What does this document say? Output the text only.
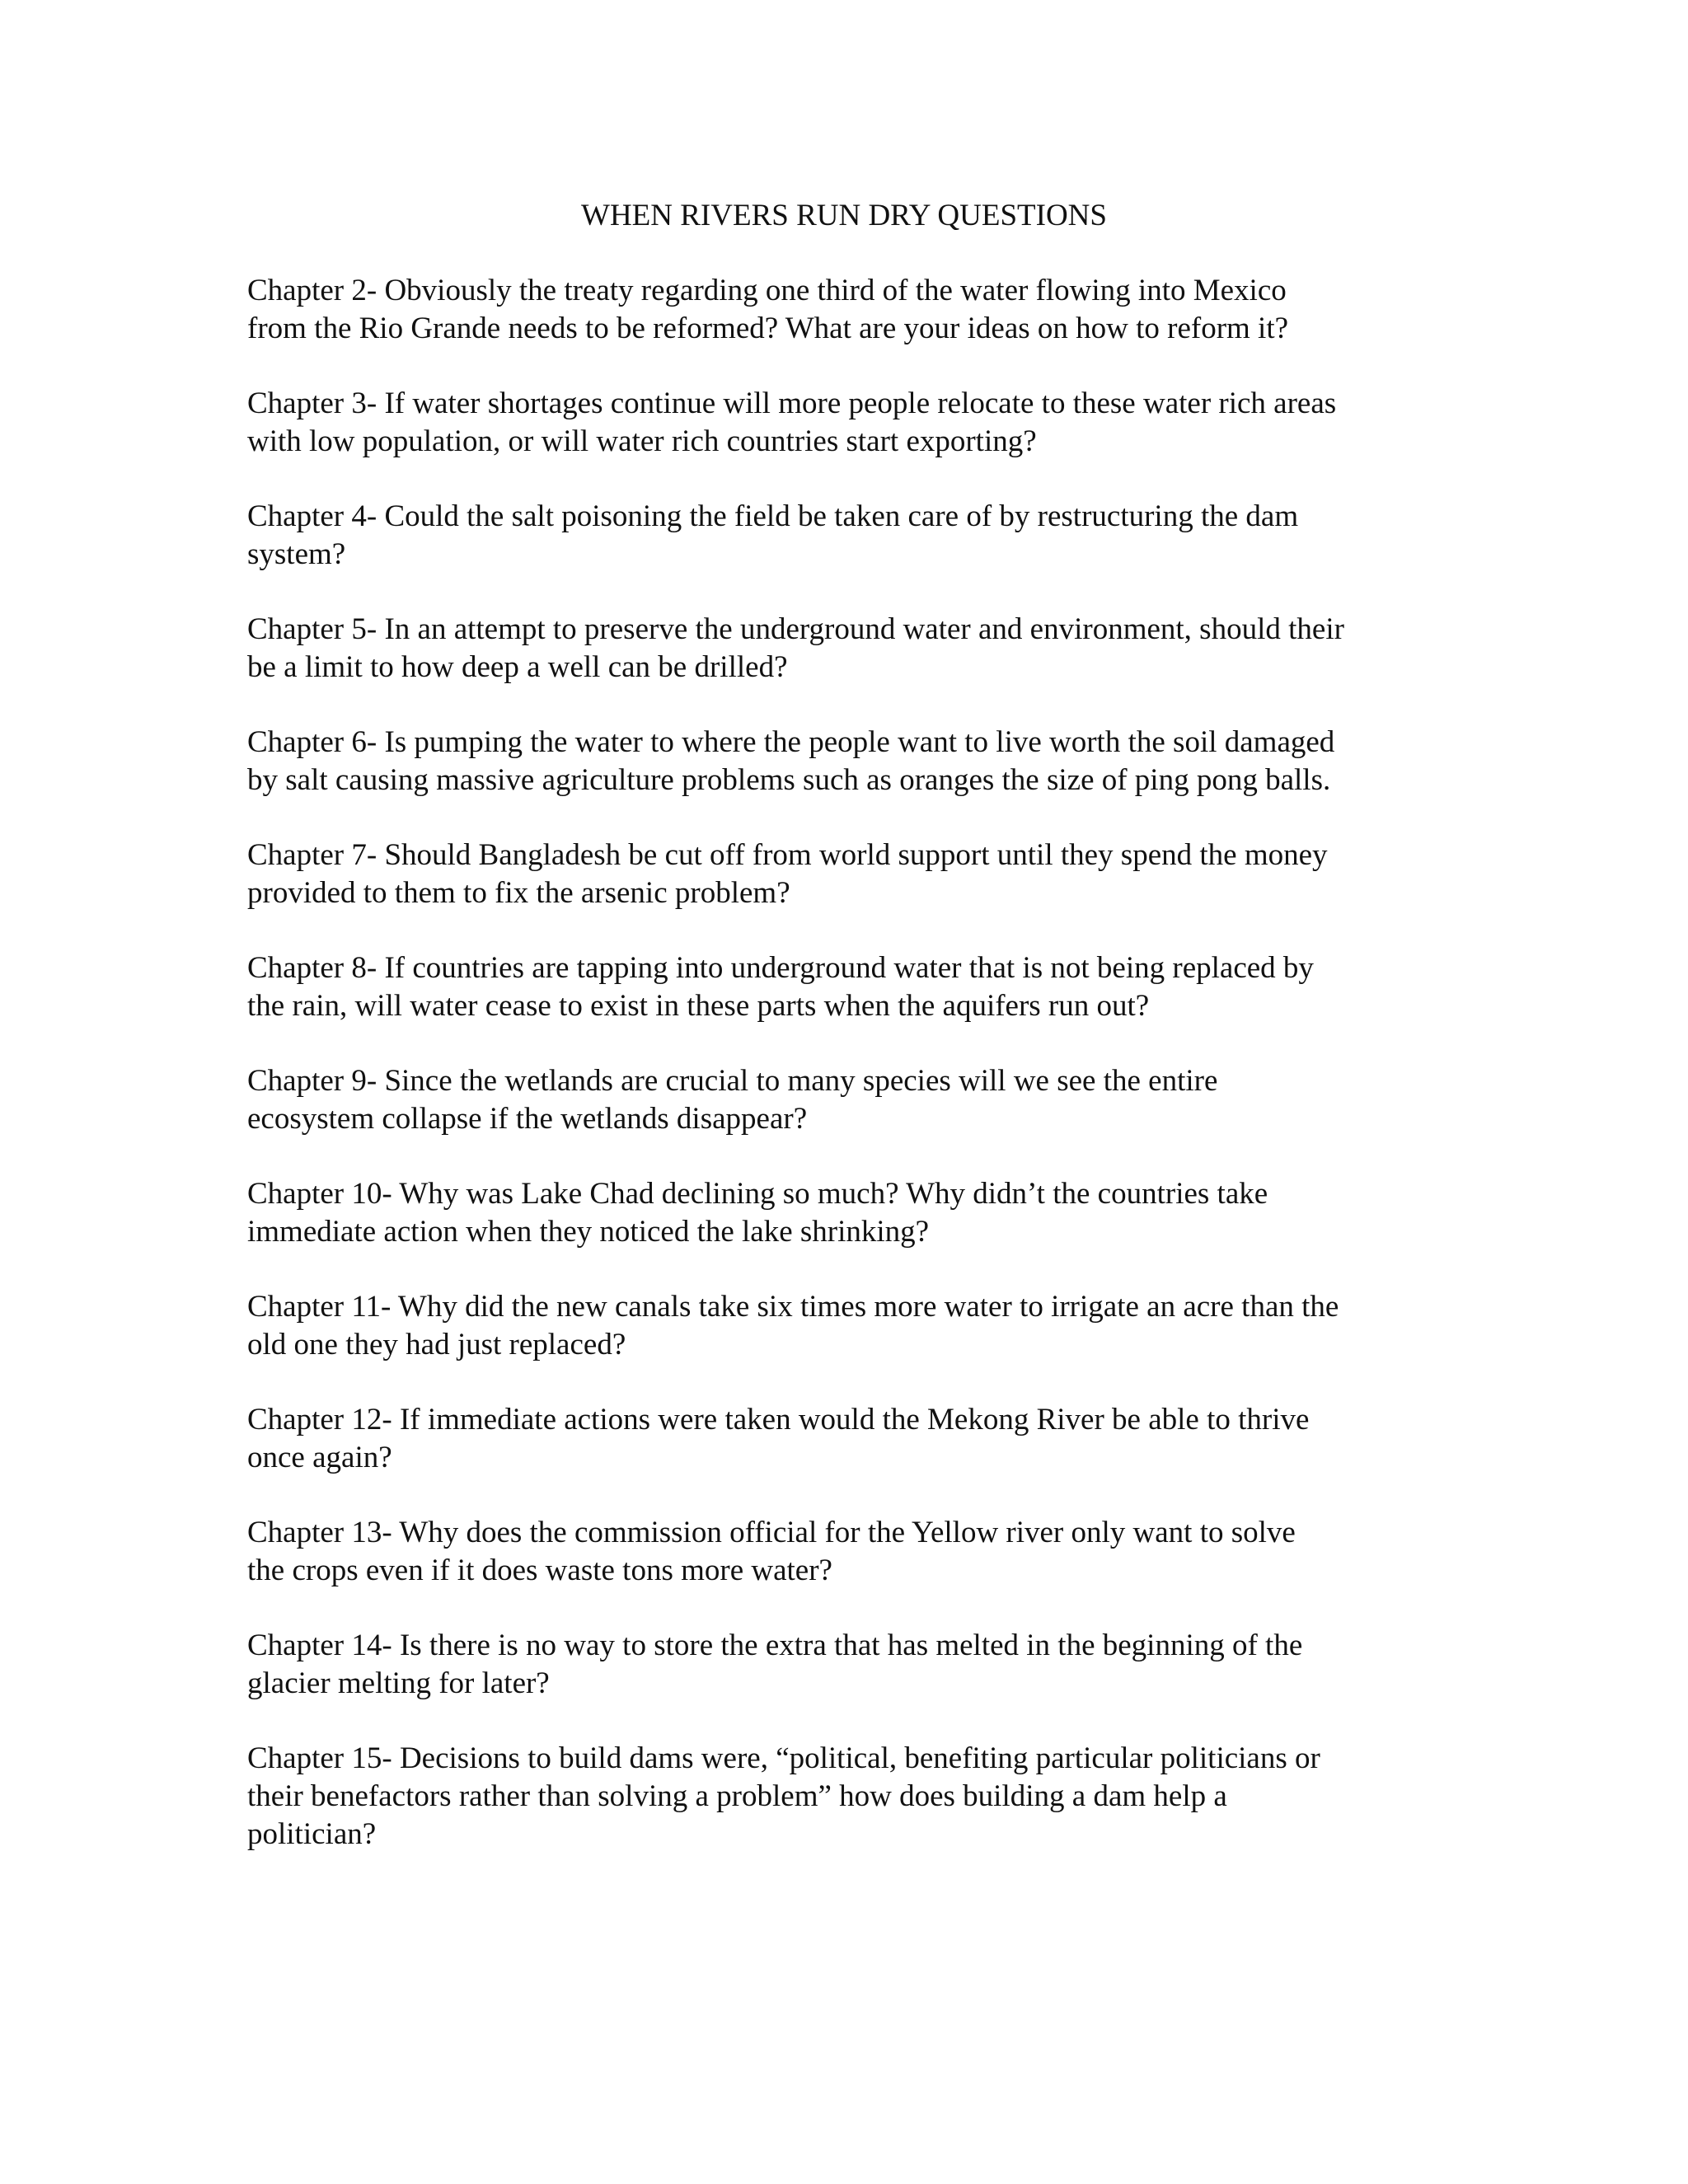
WHEN RIVERS RUN DRY QUESTIONS
Chapter 2- Obviously the treaty regarding one third of the water flowing into Mexico
from the Rio Grande needs to be reformed? What are your ideas on how to reform it?
Chapter 3- If water shortages continue will more people relocate to these water rich areas
with low population, or will water rich countries start exporting?
Chapter 4- Could the salt poisoning the field be taken care of by restructuring the dam
system?
Chapter 5- In an attempt to preserve the underground water and environment, should their
be a limit to how deep a well can be drilled?
Chapter 6- Is pumping the water to where the people want to live worth the soil damaged
by salt causing massive agriculture problems such as oranges the size of ping pong balls.
Chapter 7- Should Bangladesh be cut off from world support until they spend the money
provided to them to fix the arsenic problem?
Chapter 8- If countries are tapping into underground water that is not being replaced by
the rain, will water cease to exist in these parts when the aquifers run out?
Chapter 9- Since the wetlands are crucial to many species will we see the entire
ecosystem collapse if the wetlands disappear?
Chapter 10- Why was Lake Chad declining so much? Why didn’t the countries take
immediate action when they noticed the lake shrinking?
Chapter 11- Why did the new canals take six times more water to irrigate an acre than the
old one they had just replaced?
Chapter 12- If immediate actions were taken would the Mekong River be able to thrive
once again?
Chapter 13- Why does the commission official for the Yellow river only want to solve
the crops even if it does waste tons more water?
Chapter 14- Is there is no way to store the extra that has melted in the beginning of the
glacier melting for later?
Chapter 15- Decisions to build dams were, “political, benefiting particular politicians or
their benefactors rather than solving a problem” how does building a dam help a
politician?
